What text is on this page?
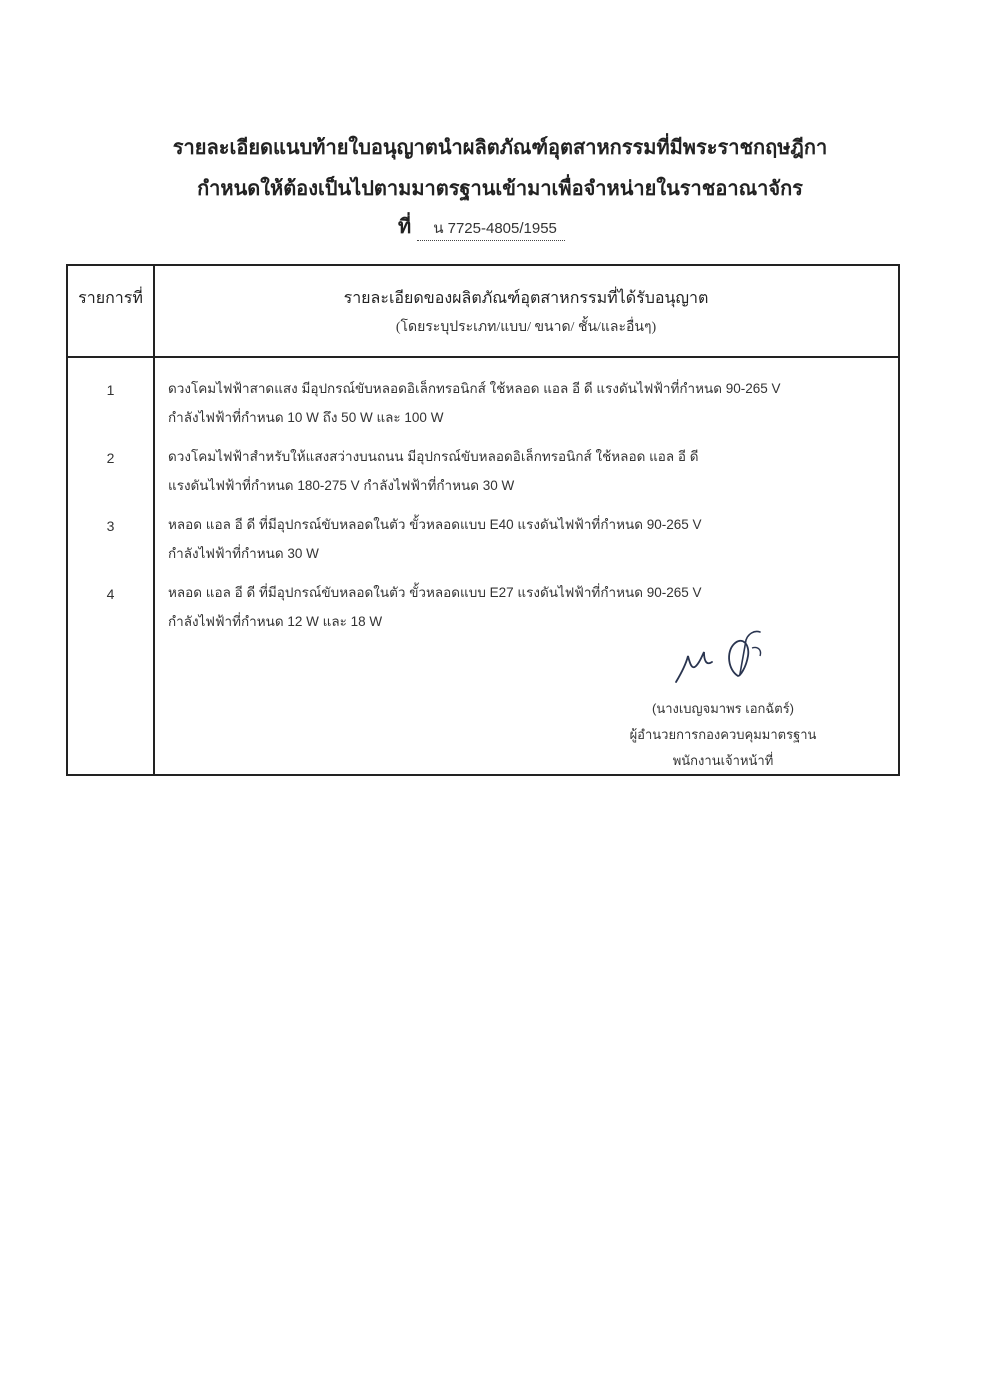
รายละเอียดแนบท้ายใบอนุญาตนำผลิตภัณฑ์อุตสาหกรรมที่มีพระราชกฤษฎีกา
กำหนดให้ต้องเป็นไปตามมาตรฐานเข้ามาเพื่อจำหน่ายในราชอาณาจักร
ที่ น 7725-4805/1955
รายการที่	รายละเอียดของผลิตภัณฑ์อุตสาหกรรมที่ได้รับอนุญาต
(โดยระบุประเภท/แบบ/ ขนาด/ ชั้น/และอื่นๆ)
1	ดวงโคมไฟฟ้าสาดแสง มีอุปกรณ์ขับหลอดอิเล็กทรอนิกส์ ใช้หลอด แอล อี ดี แรงดันไฟฟ้าที่กำหนด 90-265 V
กำลังไฟฟ้าที่กำหนด 10 W ถึง 50 W และ 100 W
2	ดวงโคมไฟฟ้าสำหรับให้แสงสว่างบนถนน มีอุปกรณ์ขับหลอดอิเล็กทรอนิกส์ ใช้หลอด แอล อี ดี
แรงดันไฟฟ้าที่กำหนด 180-275 V กำลังไฟฟ้าที่กำหนด 30 W
3	หลอด แอล อี ดี ที่มีอุปกรณ์ขับหลอดในตัว ขั้วหลอดแบบ E40 แรงดันไฟฟ้าที่กำหนด 90-265 V
กำลังไฟฟ้าที่กำหนด 30 W
4	หลอด แอล อี ดี ที่มีอุปกรณ์ขับหลอดในตัว ขั้วหลอดแบบ E27 แรงดันไฟฟ้าที่กำหนด 90-265 V
กำลังไฟฟ้าที่กำหนด 12 W และ 18 W
(นางเบญจมาพร เอกฉัตร์)
ผู้อำนวยการกองควบคุมมาตรฐาน
พนักงานเจ้าหน้าที่
